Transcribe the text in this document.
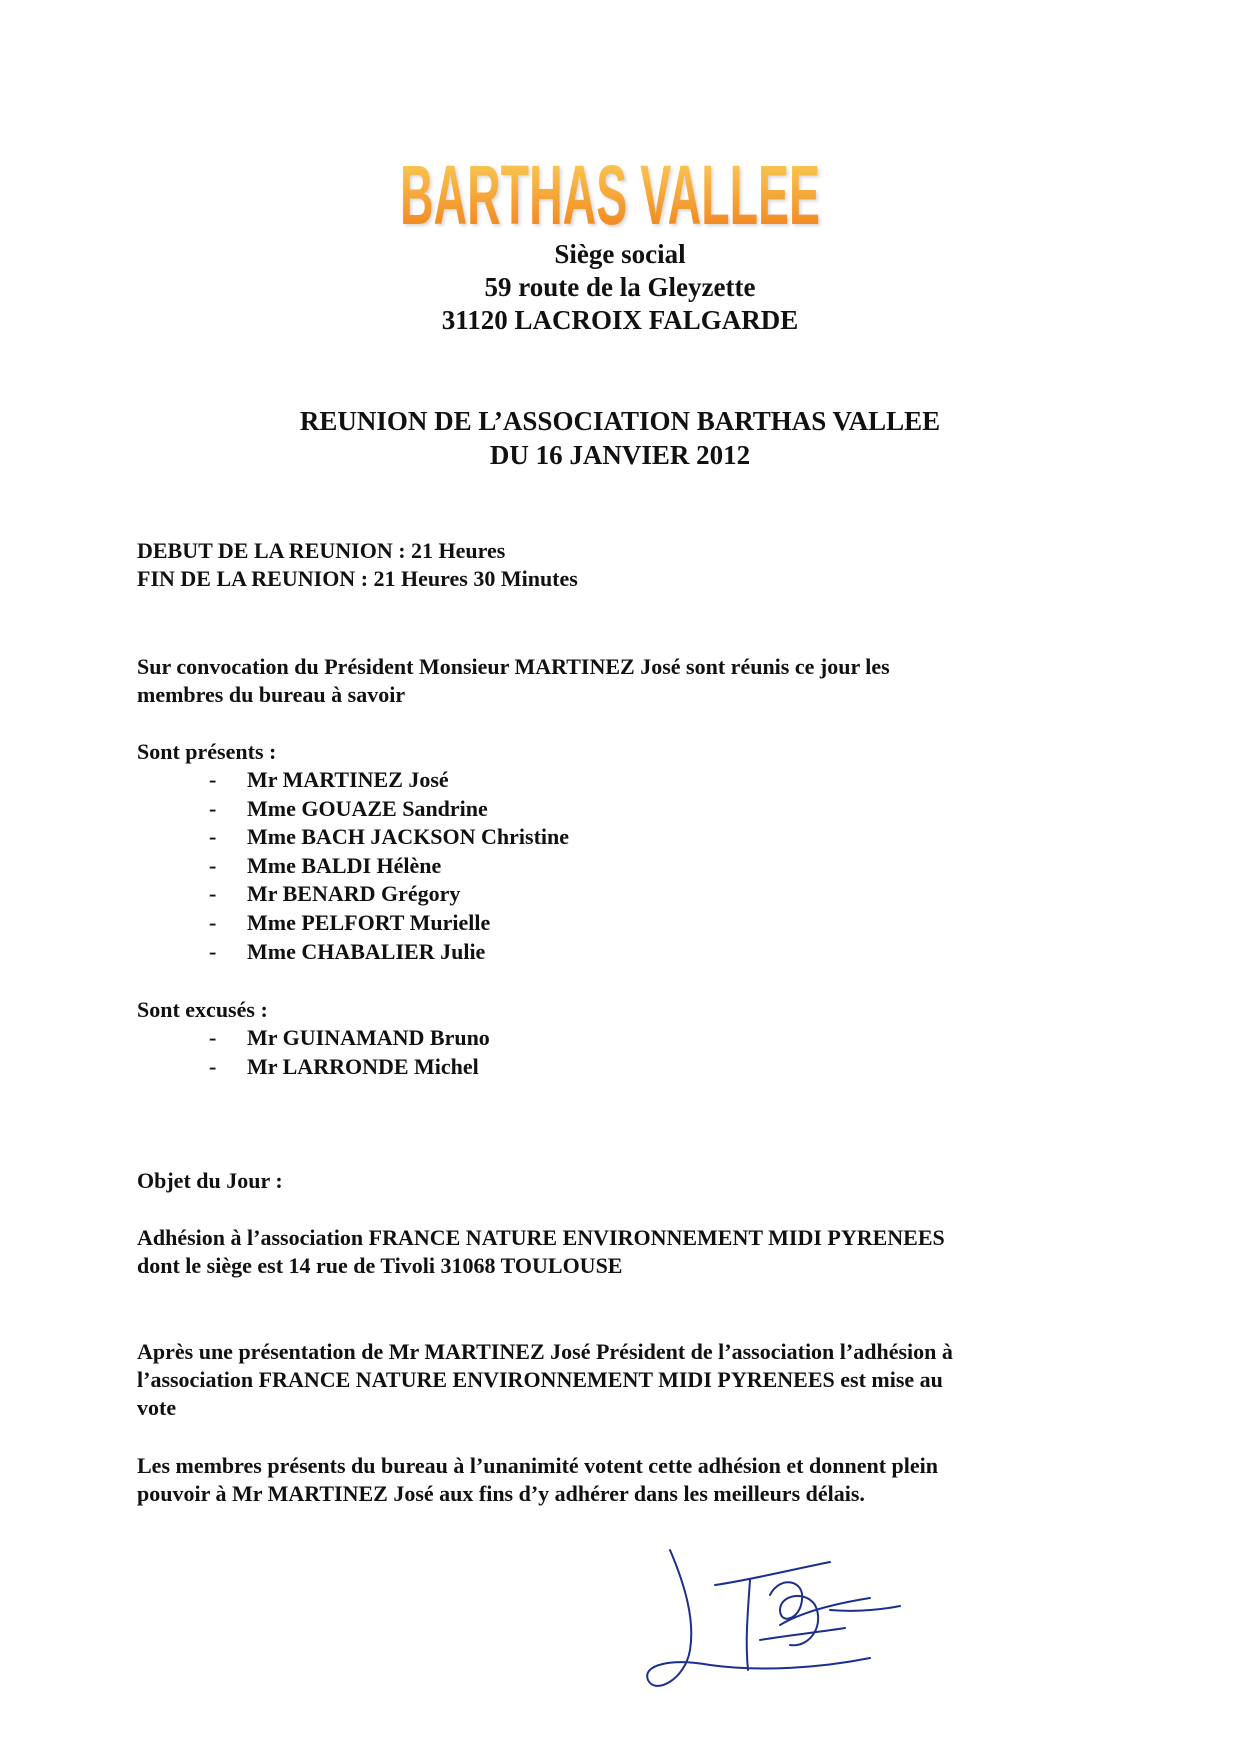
BARTHAS VALLEE
Siège social
59 route de la Gleyzette
31120 LACROIX FALGARDE
REUNION DE L’ASSOCIATION BARTHAS VALLEE
DU 16 JANVIER 2012
DEBUT DE LA REUNION : 21 Heures
FIN DE LA REUNION : 21 Heures 30 Minutes
Sur convocation du Président Monsieur MARTINEZ José sont réunis ce jour les
membres du bureau à savoir
Sont présents :
- Mr MARTINEZ José
- Mme GOUAZE Sandrine
- Mme BACH JACKSON Christine
- Mme BALDI Hélène
- Mr BENARD Grégory
- Mme PELFORT Murielle
- Mme CHABALIER Julie
Sont excusés :
- Mr GUINAMAND Bruno
- Mr LARRONDE Michel
Objet du Jour :
Adhésion à l’association FRANCE NATURE ENVIRONNEMENT MIDI PYRENEES
dont le siège est 14 rue de Tivoli 31068 TOULOUSE
Après une présentation de Mr MARTINEZ José Président de l’association l’adhésion à
l’association FRANCE NATURE ENVIRONNEMENT MIDI PYRENEES est mise au
vote
Les membres présents du bureau à l’unanimité votent cette adhésion et donnent plein
pouvoir à Mr MARTINEZ José aux fins d’y adhérer dans les meilleurs délais.
